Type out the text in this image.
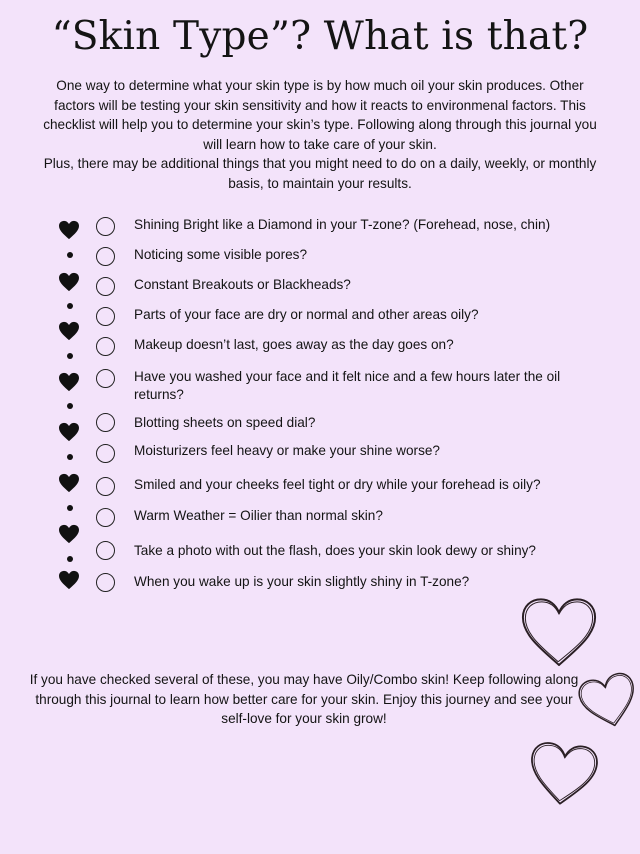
“Skin Type”? What is that?

One way to determine what your skin type is by how much oil your skin produces. Other factors will be testing your skin sensitivity and how it reacts to environmenal factors. This checklist will help you to determine your skin’s type. Following along through this journal you will learn how to take care of your skin.

Plus, there may be additional things that you might need to do on a daily, weekly, or monthly basis, to maintain your results.

Shining Bright like a Diamond in your T-zone? (Forehead, nose, chin)
Noticing some visible pores?
Constant Breakouts or Blackheads?
Parts of your face are dry or normal and other areas oily?
Makeup doesn’t last, goes away as the day goes on?
Have you washed your face and it felt nice and a few hours later the oil returns?
Blotting sheets on speed dial?
Moisturizers feel heavy or make your shine worse?
Smiled and your cheeks feel tight or dry while your forehead is oily?
Warm Weather = Oilier than normal skin?
Take a photo with out the flash, does your skin look dewy or shiny?
When you wake up is your skin slightly shiny in T-zone?
If you have checked several of these, you may have Oily/Combo skin! Keep following along through this journal to learn how better care for your skin. Enjoy this journey and see your self-love for your skin grow!
